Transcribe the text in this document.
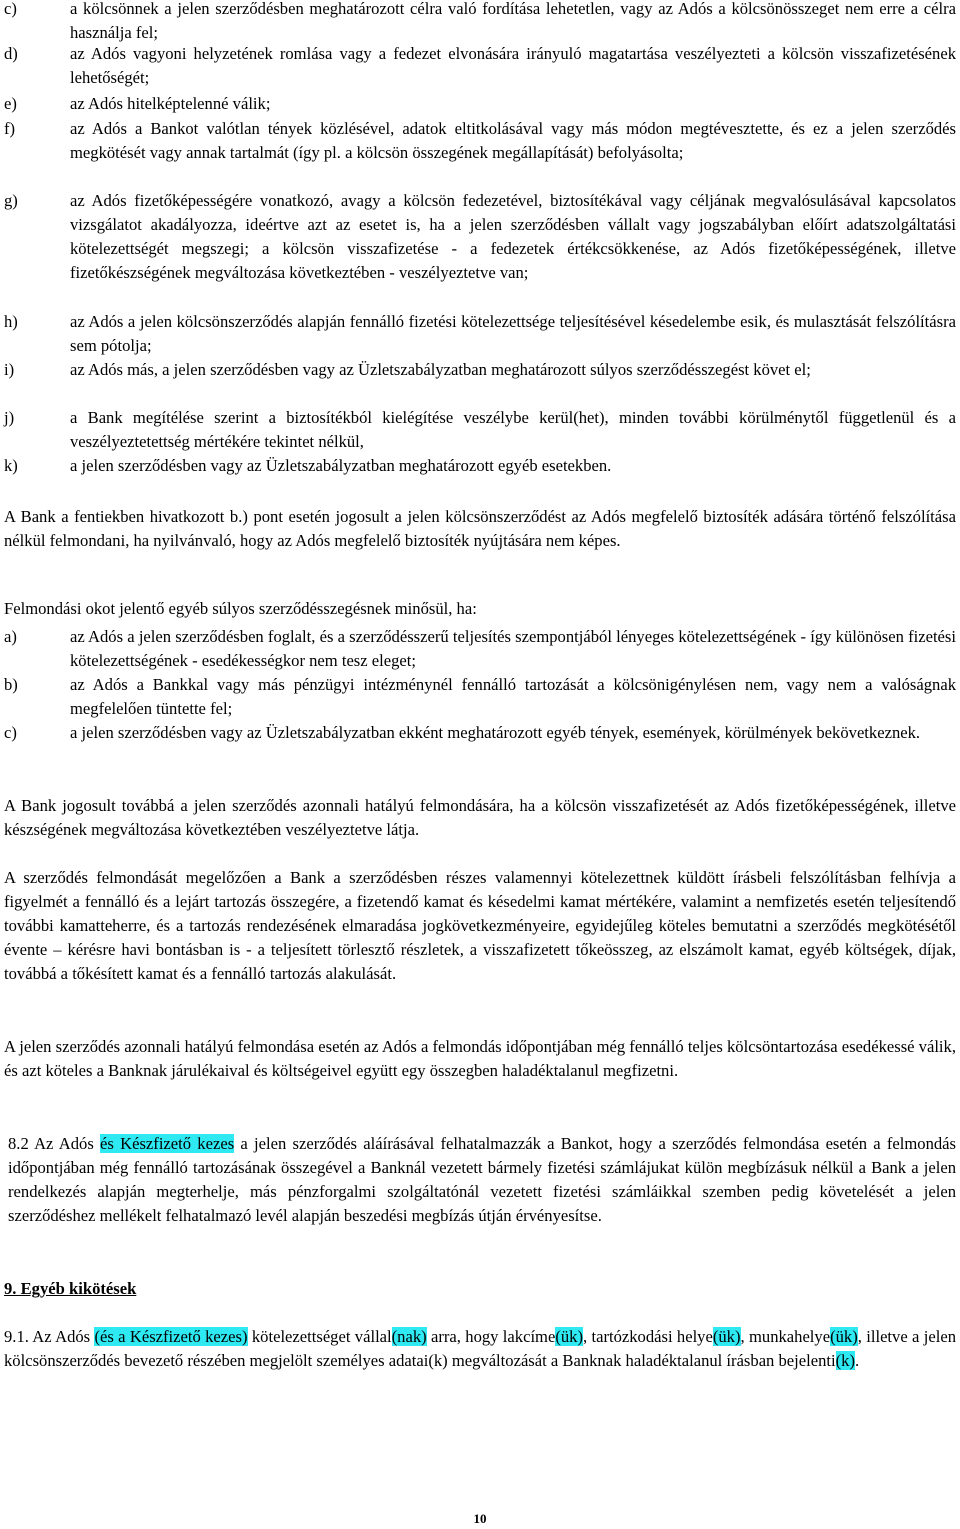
c)	a kölcsönnek a jelen szerződésben meghatározott célra való fordítása lehetetlen, vagy az Adós a kölcsönösszeget nem erre a célra használja fel;
d)	az Adós vagyoni helyzetének romlása vagy a fedezet elvonására irányuló magatartása veszélyezteti a kölcsön visszafizetésének lehetőségét;
e)	az Adós hitelképtelenné válik;
f)	az Adós a Bankot valótlan tények közlésével, adatok eltitkolásával vagy más módon megtévesztette, és ez a jelen szerződés megkötését vagy annak tartalmát (így pl. a kölcsön összegének megállapítását) befolyásolta;
g)	az Adós fizetőképességére vonatkozó, avagy a kölcsön fedezetével, biztosítékával vagy céljának megvalósulásával kapcsolatos vizsgálatot akadályozza, ideértve azt az esetet is, ha a jelen szerződésben vállalt vagy jogszabályban előírt adatszolgáltatási kötelezettségét megszegi; a kölcsön visszafizetése - a fedezetek értékcsökkenése, az Adós fizetőképességének, illetve fizetőkészségének megváltozása következtében - veszélyeztetve van;
h)	az Adós a jelen kölcsönszerződés alapján fennálló fizetési kötelezettsége teljesítésével késedelembe esik, és mulasztását felszólításra sem pótolja;
i)	az Adós más, a jelen szerződésben vagy az Üzletszabályzatban meghatározott súlyos szerződésszegést követ el;
j)	a Bank megítélése szerint a biztosítékból kielégítése veszélybe kerül(het), minden további körülménytől függetlenül és a veszélyeztetettség mértékére tekintet nélkül,
k)	a jelen szerződésben vagy az Üzletszabályzatban meghatározott egyéb esetekben.
A Bank a fentiekben hivatkozott b.) pont esetén jogosult a jelen kölcsönszerződést az Adós megfelelő biztosíték adására történő felszólítása nélkül felmondani, ha nyilvánvaló, hogy az Adós megfelelő biztosíték nyújtására nem képes.
Felmondási okot jelentő egyéb súlyos szerződésszegésnek minősül, ha:
a)	az Adós a jelen szerződésben foglalt, és a szerződésszerű teljesítés szempontjából lényeges kötelezettségének - így különösen fizetési kötelezettségének - esedékességkor nem tesz eleget;
b)	az Adós a Bankkal vagy más pénzügyi intézménynél fennálló tartozását a kölcsönigénylésen nem, vagy nem a valóságnak megfelelően tüntette fel;
c)	a jelen szerződésben vagy az Üzletszabályzatban ekként meghatározott egyéb tények, események, körülmények bekövetkeznek.
A Bank jogosult továbbá a jelen szerződés azonnali hatályú felmondására, ha a kölcsön visszafizetését az Adós fizetőképességének, illetve készségének megváltozása következtében veszélyeztetve látja.
A szerződés felmondását megelőzően a Bank a szerződésben részes valamennyi kötelezettnek küldött írásbeli felszólításban felhívja a figyelmét a fennálló és a lejárt tartozás összegére, a fizetendő kamat és késedelmi kamat mértékére, valamint a nemfizetés esetén teljesítendő további kamatteherre, és a tartozás rendezésének elmaradása jogkövetkezményeire, egyidejűleg köteles bemutatni a szerződés megkötésétől évente – kérésre havi bontásban is - a teljesített törlesztő részletek, a visszafizetett tőkeösszeg, az elszámolt kamat, egyéb költségek, díjak, továbbá a tőkésített kamat és a fennálló tartozás alakulását.
A jelen szerződés azonnali hatályú felmondása esetén az Adós a felmondás időpontjában még fennálló teljes kölcsöntartozása esedékessé válik, és azt köteles a Banknak járulékaival és költségeivel együtt egy összegben haladéktalanul megfizetni.
8.2 Az Adós és Készfizető kezes a jelen szerződés aláírásával felhatalmazzák a Bankot, hogy a szerződés felmondása esetén a felmondás időpontjában még fennálló tartozásának összegével a Banknál vezetett bármely fizetési számlájukat külön megbízásuk nélkül a Bank a jelen rendelkezés alapján megterhelje, más pénzforgalmi szolgáltatónál vezetett fizetési számláikkal szemben pedig követelését a jelen szerződéshez mellékelt felhatalmazó levél alapján beszedési megbízás útján érvényesítse.
9. Egyéb kikötések
9.1. Az Adós (és a Készfizető kezes) kötelezettséget vállal(nak) arra, hogy lakcíme(ük), tartózkodási helye(ük), munkahelye(ük), illetve a jelen kölcsönszerződés bevezető részében megjelölt személyes adatai(k) megváltozását a Banknak haladéktalanul írásban bejelenti(k).
10
